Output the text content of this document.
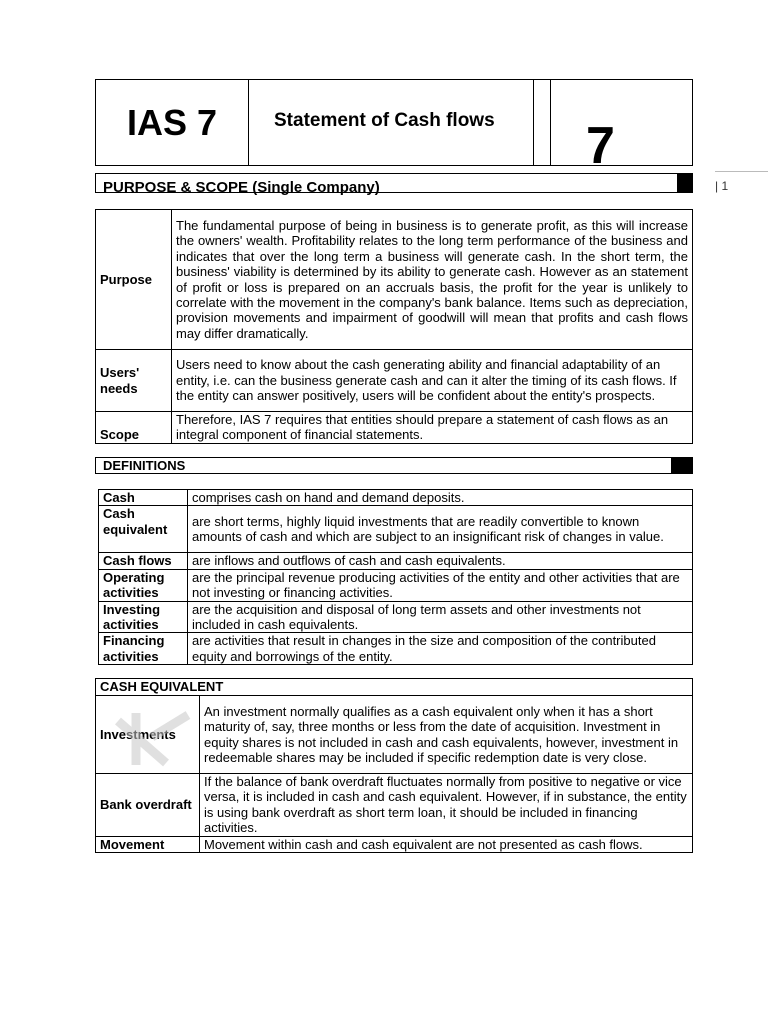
IAS 7	Statement of Cash flows	7
| 1
PURPOSE & SCOPE (Single Company)
Purpose	The fundamental purpose of being in business is to generate profit, as this will increase the owners' wealth. Profitability relates to the long term performance of the business and indicates that over the long term a business will generate cash. In the short term, the business' viability is determined by its ability to generate cash. However as an statement of profit or loss is prepared on an accruals basis, the profit for the year is unlikely to correlate with the movement in the company's bank balance. Items such as depreciation, provision movements and impairment of goodwill will mean that profits and cash flows may differ dramatically.
Users' needs	Users need to know about the cash generating ability and financial adaptability of an entity, i.e. can the business generate cash and can it alter the timing of its cash flows. If the entity can answer positively, users will be confident about the entity's prospects.
Scope	Therefore, IAS 7 requires that entities should prepare a statement of cash flows as an integral component of financial statements.
DEFINITIONS
Cash	comprises cash on hand and demand deposits.
Cash equivalent	are short terms, highly liquid investments that are readily convertible to known amounts of cash and which are subject to an insignificant risk of changes in value.
Cash flows	are inflows and outflows of cash and cash equivalents.
Operating activities	are the principal revenue producing activities of the entity and other activities that are not investing or financing activities.
Investing activities	are the acquisition and disposal of long term assets and other investments not included in cash equivalents.
Financing activities	are activities that result in changes in the size and composition of the contributed equity and borrowings of the entity.
CASH EQUIVALENT	
Investments	An investment normally qualifies as a cash equivalent only when it has a short maturity of, say, three months or less from the date of acquisition. Investment in equity shares is not included in cash and cash equivalents, however, investment in redeemable shares may be included if specific redemption date is very close.
Bank overdraft	If the balance of bank overdraft fluctuates normally from positive to negative or vice versa, it is included in cash and cash equivalent. However, if in substance, the entity is using bank overdraft as short term loan, it should be included in financing activities.
Movement	Movement within cash and cash equivalent are not presented as cash flows.
